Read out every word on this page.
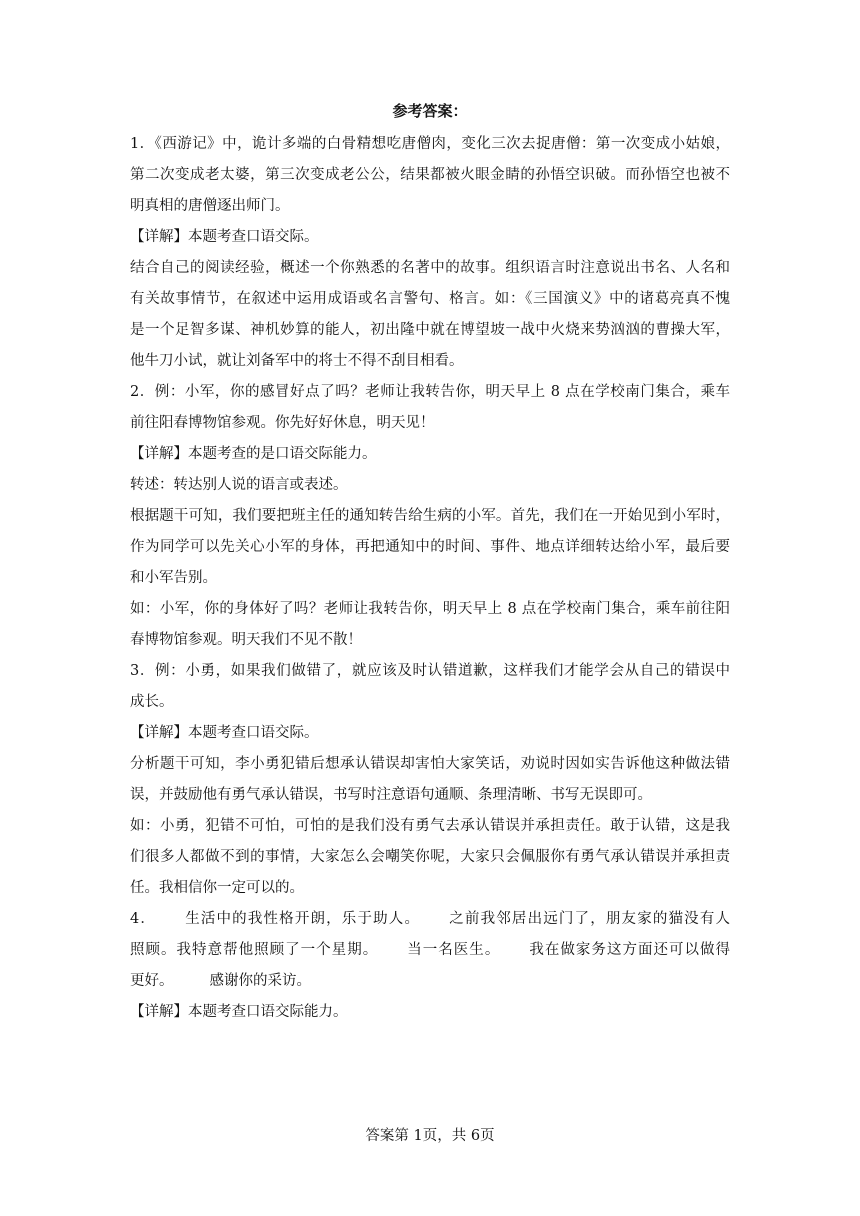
参考答案：
1．《西游记》中，诡计多端的白骨精想吃唐僧肉，变化三次去捉唐僧：第一次变成小姑娘，
第二次变成老太婆，第三次变成老公公，结果都被火眼金睛的孙悟空识破。而孙悟空也被不
明真相的唐僧逐出师门。
【详解】本题考查口语交际。
结合自己的阅读经验，概述一个你熟悉的名著中的故事。组织语言时注意说出书名、人名和
有关故事情节，在叙述中运用成语或名言警句、格言。如：《三国演义》中的诸葛亮真不愧
是一个足智多谋、神机妙算的能人，初出隆中就在博望坡一战中火烧来势汹汹的曹操大军，
他牛刀小试，就让刘备军中的将士不得不刮目相看。
2．例：小军，你的感冒好点了吗？老师让我转告你，明天早上 8 点在学校南门集合，乘车
前往阳春博物馆参观。你先好好休息，明天见！
【详解】本题考查的是口语交际能力。
转述：转达别人说的语言或表述。
根据题干可知，我们要把班主任的通知转告给生病的小军。首先，我们在一开始见到小军时，
作为同学可以先关心小军的身体，再把通知中的时间、事件、地点详细转达给小军，最后要
和小军告别。
如：小军，你的身体好了吗？老师让我转告你，明天早上 8 点在学校南门集合，乘车前往阳
春博物馆参观。明天我们不见不散！
3．例：小勇，如果我们做错了，就应该及时认错道歉，这样我们才能学会从自己的错误中
成长。
【详解】本题考查口语交际。
分析题干可知，李小勇犯错后想承认错误却害怕大家笑话，劝说时因如实告诉他这种做法错
误，并鼓励他有勇气承认错误，书写时注意语句通顺、条理清晰、书写无误即可。
如：小勇，犯错不可怕，可怕的是我们没有勇气去承认错误并承担责任。敢于认错，这是我
们很多人都做不到的事情，大家怎么会嘲笑你呢，大家只会佩服你有勇气承认错误并承担责
任。我相信你一定可以的。
4． 生活中的我性格开朗，乐于助人。 之前我邻居出远门了，朋友家的猫没有人
照顾。我特意帮他照顾了一个星期。 当一名医生。 我在做家务这方面还可以做得
更好。 感谢你的采访。
【详解】本题考查口语交际能力。
答案第 1页，共 6页
